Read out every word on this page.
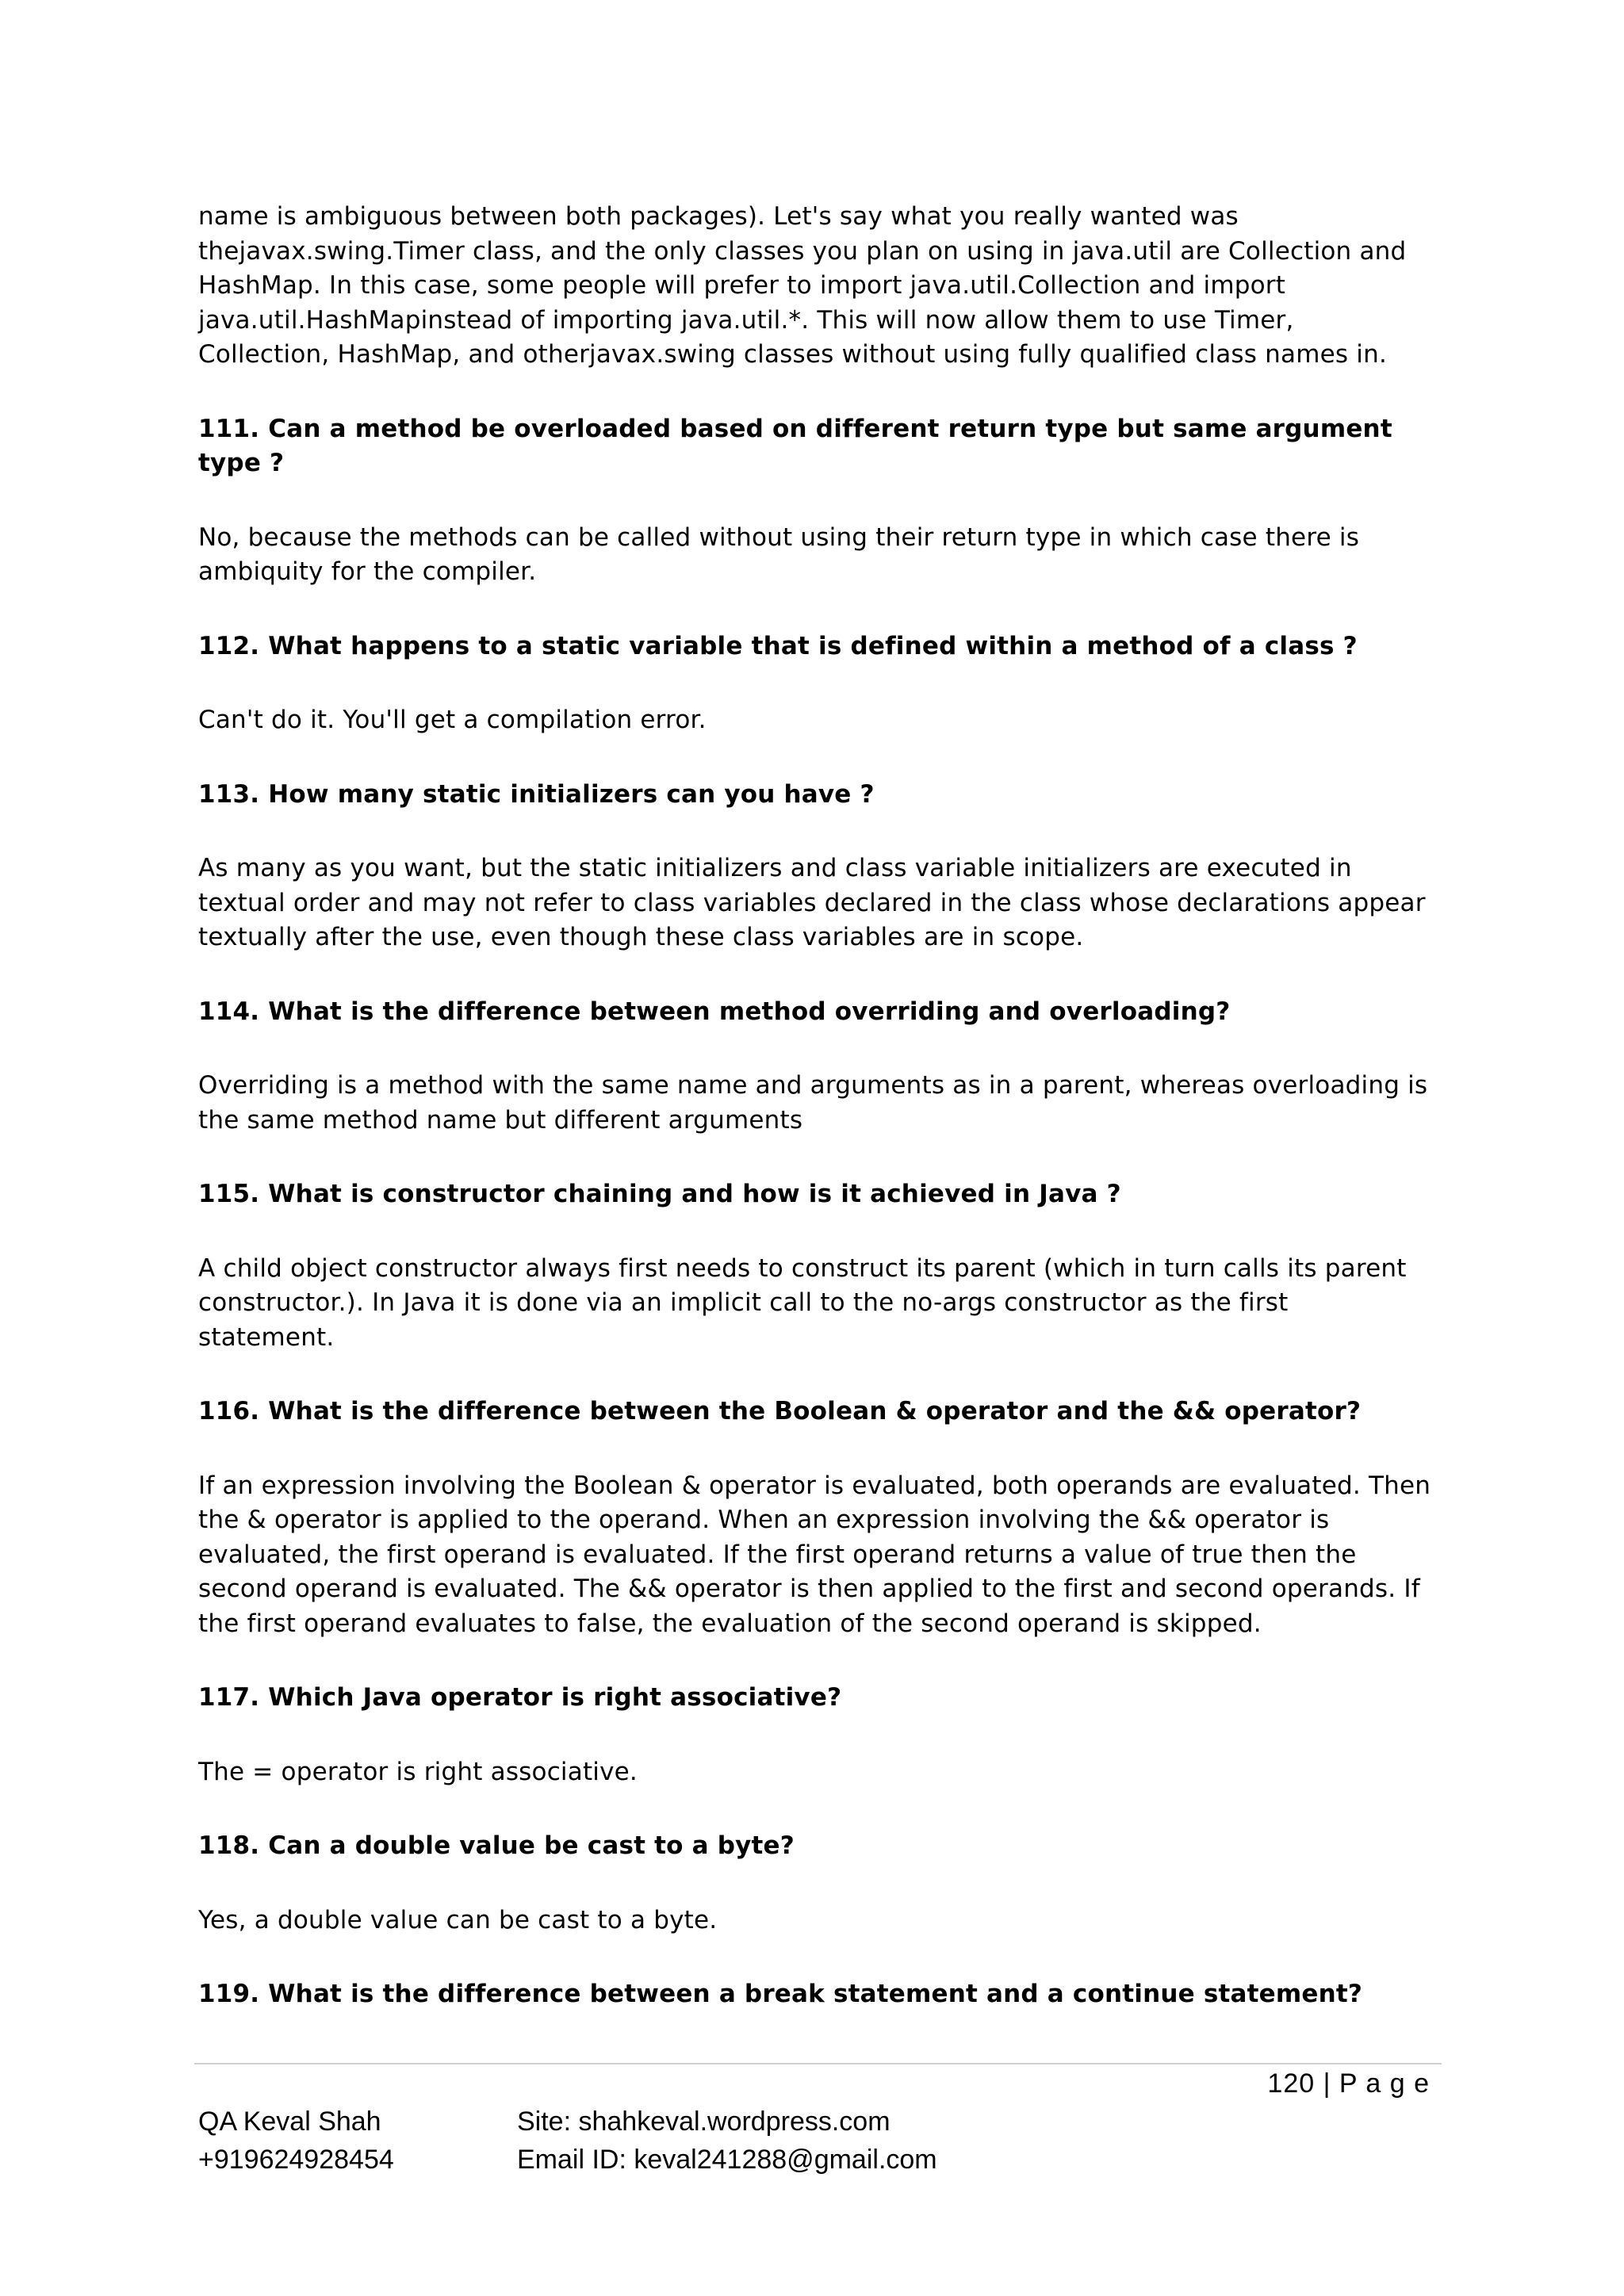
name is ambiguous between both packages). Let's say what you really wanted was
thejavax.swing.Timer class, and the only classes you plan on using in java.util are Collection and
HashMap. In this case, some people will prefer to import java.util.Collection and import
java.util.HashMapinstead of importing java.util.*. This will now allow them to use Timer,
Collection, HashMap, and otherjavax.swing classes without using fully qualified class names in.

111. Can a method be overloaded based on different return type but same argument
type ?

No, because the methods can be called without using their return type in which case there is
ambiquity for the compiler.

112. What happens to a static variable that is defined within a method of a class ?

Can't do it. You'll get a compilation error.

113. How many static initializers can you have ?

As many as you want, but the static initializers and class variable initializers are executed in
textual order and may not refer to class variables declared in the class whose declarations appear
textually after the use, even though these class variables are in scope.

114. What is the difference between method overriding and overloading?

Overriding is a method with the same name and arguments as in a parent, whereas overloading is
the same method name but different arguments

115. What is constructor chaining and how is it achieved in Java ?

A child object constructor always first needs to construct its parent (which in turn calls its parent
constructor.). In Java it is done via an implicit call to the no-args constructor as the first
statement.

116. What is the difference between the Boolean & operator and the && operator?

If an expression involving the Boolean & operator is evaluated, both operands are evaluated. Then
the & operator is applied to the operand. When an expression involving the && operator is
evaluated, the first operand is evaluated. If the first operand returns a value of true then the
second operand is evaluated. The && operator is then applied to the first and second operands. If
the first operand evaluates to false, the evaluation of the second operand is skipped.

117. Which Java operator is right associative?

The = operator is right associative.

118. Can a double value be cast to a byte?

Yes, a double value can be cast to a byte.

119. What is the difference between a break statement and a continue statement?

120 | P a g e
QA Keval Shah
+919624928454
Site: shahkeval.wordpress.com
Email ID: keval241288@gmail.com
